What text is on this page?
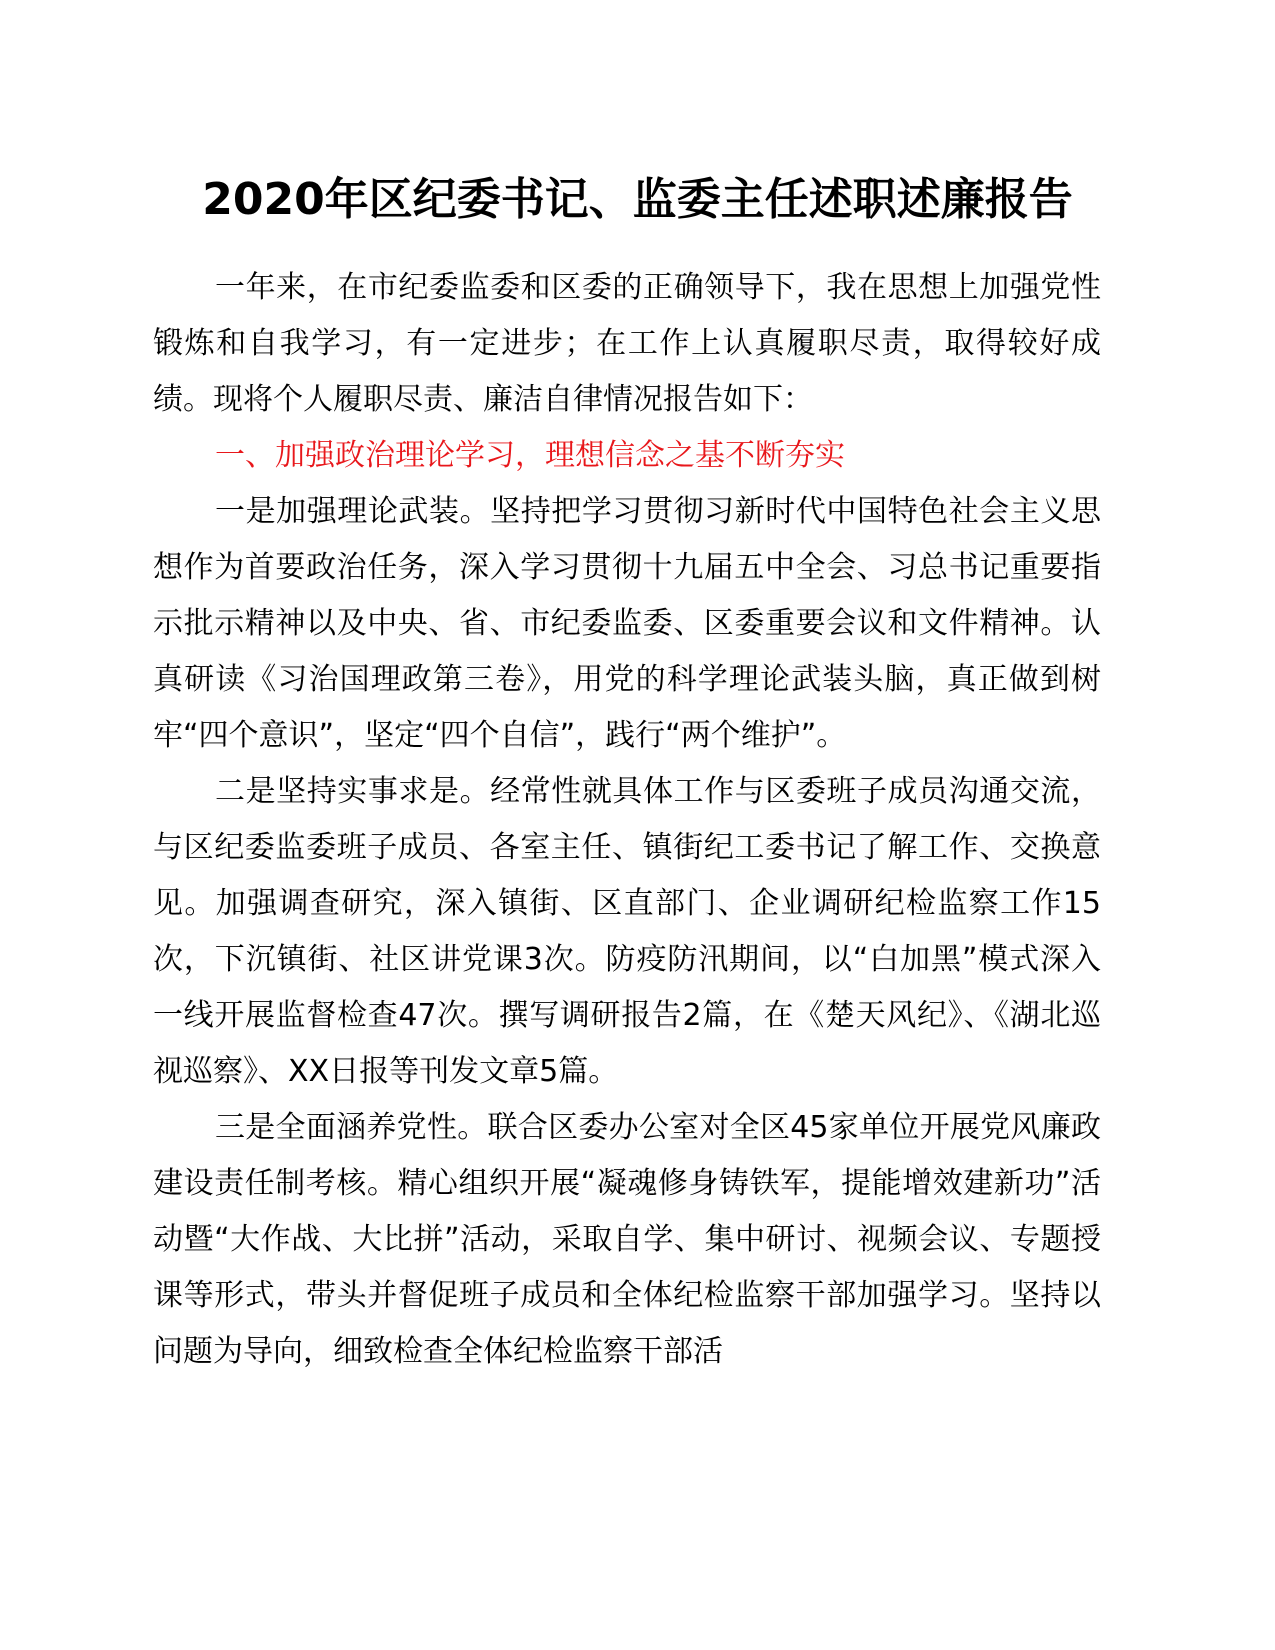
2020年区纪委书记、监委主任述职述廉报告

一年来，在市纪委监委和区委的正确领导下，我在思想上加强党性锻炼和自我学习，有一定进步；在工作上认真履职尽责，取得较好成绩。现将个人履职尽责、廉洁自律情况报告如下：

一、加强政治理论学习，理想信念之基不断夯实

一是加强理论武装。坚持把学习贯彻习新时代中国特色社会主义思想作为首要政治任务，深入学习贯彻十九届五中全会、习总书记重要指示批示精神以及中央、省、市纪委监委、区委重要会议和文件精神。认真研读《习治国理政第三卷》，用党的科学理论武装头脑，真正做到树牢“四个意识”，坚定“四个自信”，践行“两个维护”。

二是坚持实事求是。经常性就具体工作与区委班子成员沟通交流，与区纪委监委班子成员、各室主任、镇街纪工委书记了解工作、交换意见。加强调查研究，深入镇街、区直部门、企业调研纪检监察工作15次，下沉镇街、社区讲党课3次。防疫防汛期间，以“白加黑”模式深入一线开展监督检查47次。撰写调研报告2篇，在《楚天风纪》、《湖北巡视巡察》、XX日报等刊发文章5篇。

三是全面涵养党性。联合区委办公室对全区45家单位开展党风廉政建设责任制考核。精心组织开展“凝魂修身铸铁军，提能增效建新功”活动暨“大作战、大比拼”活动，采取自学、集中研讨、视频会议、专题授课等形式，带头并督促班子成员和全体纪检监察干部加强学习。坚持以问题为导向，细致检查全体纪检监察干部活
